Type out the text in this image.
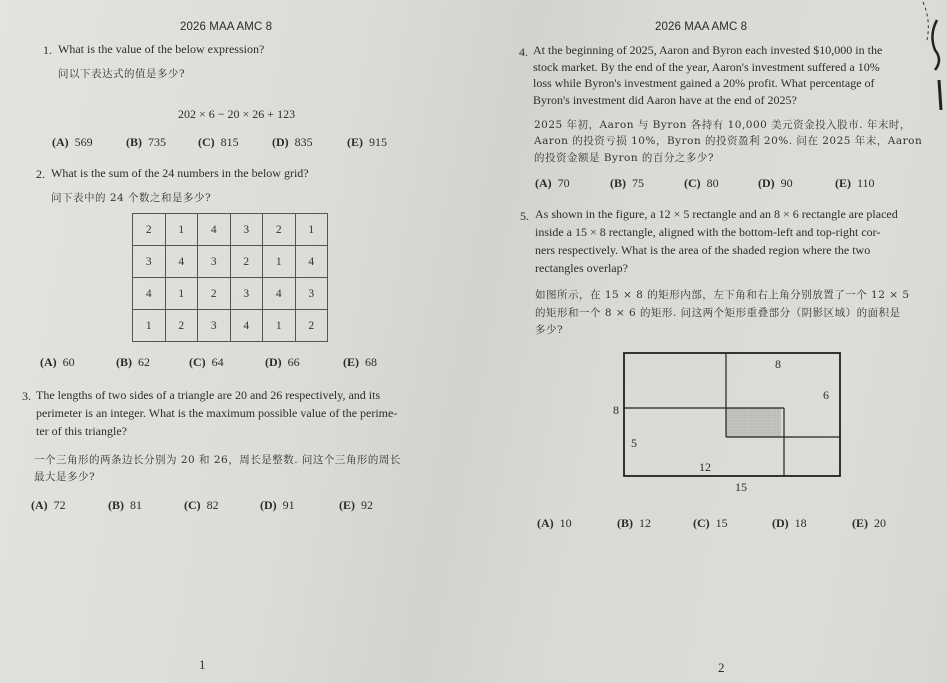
2026 MAA AMC 8
1. What is the value of the below expression?
问以下表达式的值是多少?
202 × 6 − 20 × 26 + 123
(A) 569	(B) 735	(C) 815	(D) 835	(E) 915
2. What is the sum of the 24 numbers in the below grid?
问下表中的 24 个数之和是多少?
2	1	4	3	2	1
3	4	3	2	1	4
4	1	2	3	4	3
1	2	3	4	1	2
(A) 60	(B) 62	(C) 64	(D) 66	(E) 68
3. The lengths of two sides of a triangle are 20 and 26 respectively, and its
perimeter is an integer. What is the maximum possible value of the perime-
ter of this triangle?
一个三角形的两条边长分别为 20 和 26，周长是整数. 问这个三角形的周长
最大是多少?
(A) 72	(B) 81	(C) 82	(D) 91	(E) 92
1
2026 MAA AMC 8
4. At the beginning of 2025, Aaron and Byron each invested $10,000 in the
stock market. By the end of the year, Aaron's investment suffered a 10%
loss while Byron's investment gained a 20% profit. What percentage of
Byron's investment did Aaron have at the end of 2025?
2025 年初，Aaron 与 Byron 各持有 10,000 美元资金投入股市. 年末时，
Aaron 的投资亏损 10%，Byron 的投资盈利 20%. 问在 2025 年末，Aaron
的投资金额是 Byron 的百分之多少?
(A) 70	(B) 75	(C) 80	(D) 90	(E) 110
5. As shown in the figure, a 12 × 5 rectangle and an 8 × 6 rectangle are placed
inside a 15 × 8 rectangle, aligned with the bottom-left and top-right cor-
ners respectively. What is the area of the shaded region where the two
rectangles overlap?
如图所示，在 15 × 8 的矩形内部，左下角和右上角分别放置了一个 12 × 5
的矩形和一个 8 × 6 的矩形. 问这两个矩形重叠部分（阴影区域）的面积是
多少?
(A) 10	(B) 12	(C) 15	(D) 18	(E) 20
2
8
15
5
12
8
6
